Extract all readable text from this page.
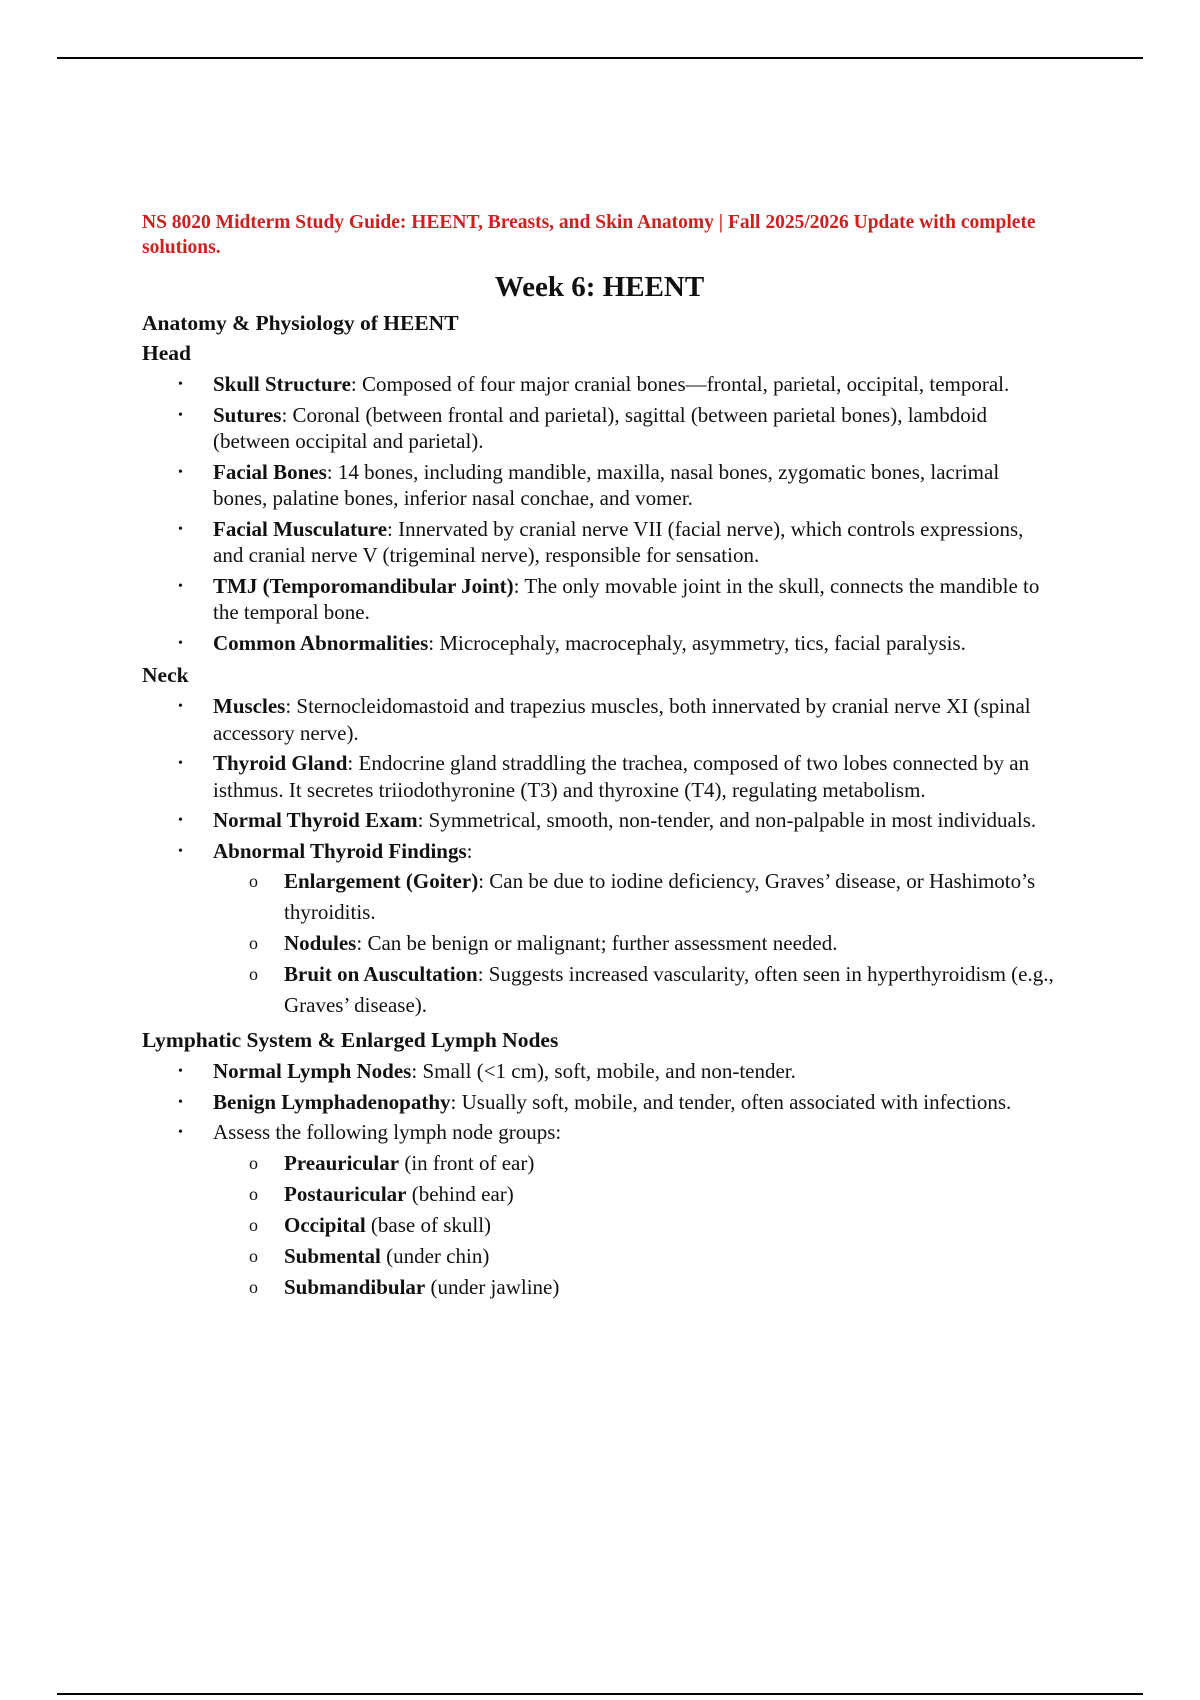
NS 8020 Midterm Study Guide: HEENT, Breasts, and Skin Anatomy | Fall 2025/2026 Update with complete solutions.

Week 6: HEENT
Anatomy & Physiology of HEENT
Head
• Skull Structure: Composed of four major cranial bones—frontal, parietal, occipital, temporal.
• Sutures: Coronal (between frontal and parietal), sagittal (between parietal bones), lambdoid (between occipital and parietal).
• Facial Bones: 14 bones, including mandible, maxilla, nasal bones, zygomatic bones, lacrimal bones, palatine bones, inferior nasal conchae, and vomer.
• Facial Musculature: Innervated by cranial nerve VII (facial nerve), which controls expressions, and cranial nerve V (trigeminal nerve), responsible for sensation.
• TMJ (Temporomandibular Joint): The only movable joint in the skull, connects the mandible to the temporal bone.
• Common Abnormalities: Microcephaly, macrocephaly, asymmetry, tics, facial paralysis.
Neck
• Muscles: Sternocleidomastoid and trapezius muscles, both innervated by cranial nerve XI (spinal accessory nerve).
• Thyroid Gland: Endocrine gland straddling the trachea, composed of two lobes connected by an isthmus. It secretes triiodothyronine (T3) and thyroxine (T4), regulating metabolism.
• Normal Thyroid Exam: Symmetrical, smooth, non-tender, and non-palpable in most individuals.
• Abnormal Thyroid Findings:
o Enlargement (Goiter): Can be due to iodine deficiency, Graves’ disease, or Hashimoto’s thyroiditis.
o Nodules: Can be benign or malignant; further assessment needed.
o Bruit on Auscultation: Suggests increased vascularity, often seen in hyperthyroidism (e.g., Graves’ disease).
Lymphatic System & Enlarged Lymph Nodes
• Normal Lymph Nodes: Small (<1 cm), soft, mobile, and non-tender.
• Benign Lymphadenopathy: Usually soft, mobile, and tender, often associated with infections.
• Assess the following lymph node groups:
o Preauricular (in front of ear)
o Postauricular (behind ear)
o Occipital (base of skull)
o Submental (under chin)
o Submandibular (under jawline)
